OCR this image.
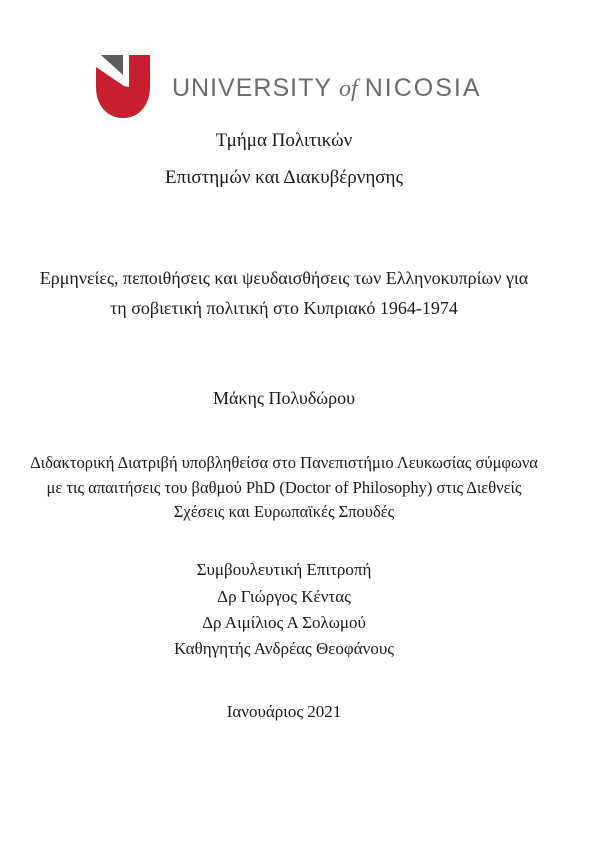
UNIVERSITY of NICOSIA
Τμήμα Πολιτικών
Επιστημών και Διακυβέρνησης
Ερμηνείες, πεποιθήσεις και ψευδαισθήσεις των Ελληνοκυπρίων για
τη σοβιετική πολιτική στο Κυπριακό 1964-1974
Μάκης Πολυδώρου
Διδακτορική Διατριβή υποβληθείσα στο Πανεπιστήμιο Λευκωσίας σύμφωνα
με τις απαιτήσεις του βαθμού PhD (Doctor of Philosophy) στις Διεθνείς
Σχέσεις και Ευρωπαϊκές Σπουδές
Συμβουλευτική Επιτροπή
Δρ Γιώργος Κέντας
Δρ Αιμίλιος Α Σολωμού
Καθηγητής Ανδρέας Θεοφάνους
Ιανουάριος 2021
